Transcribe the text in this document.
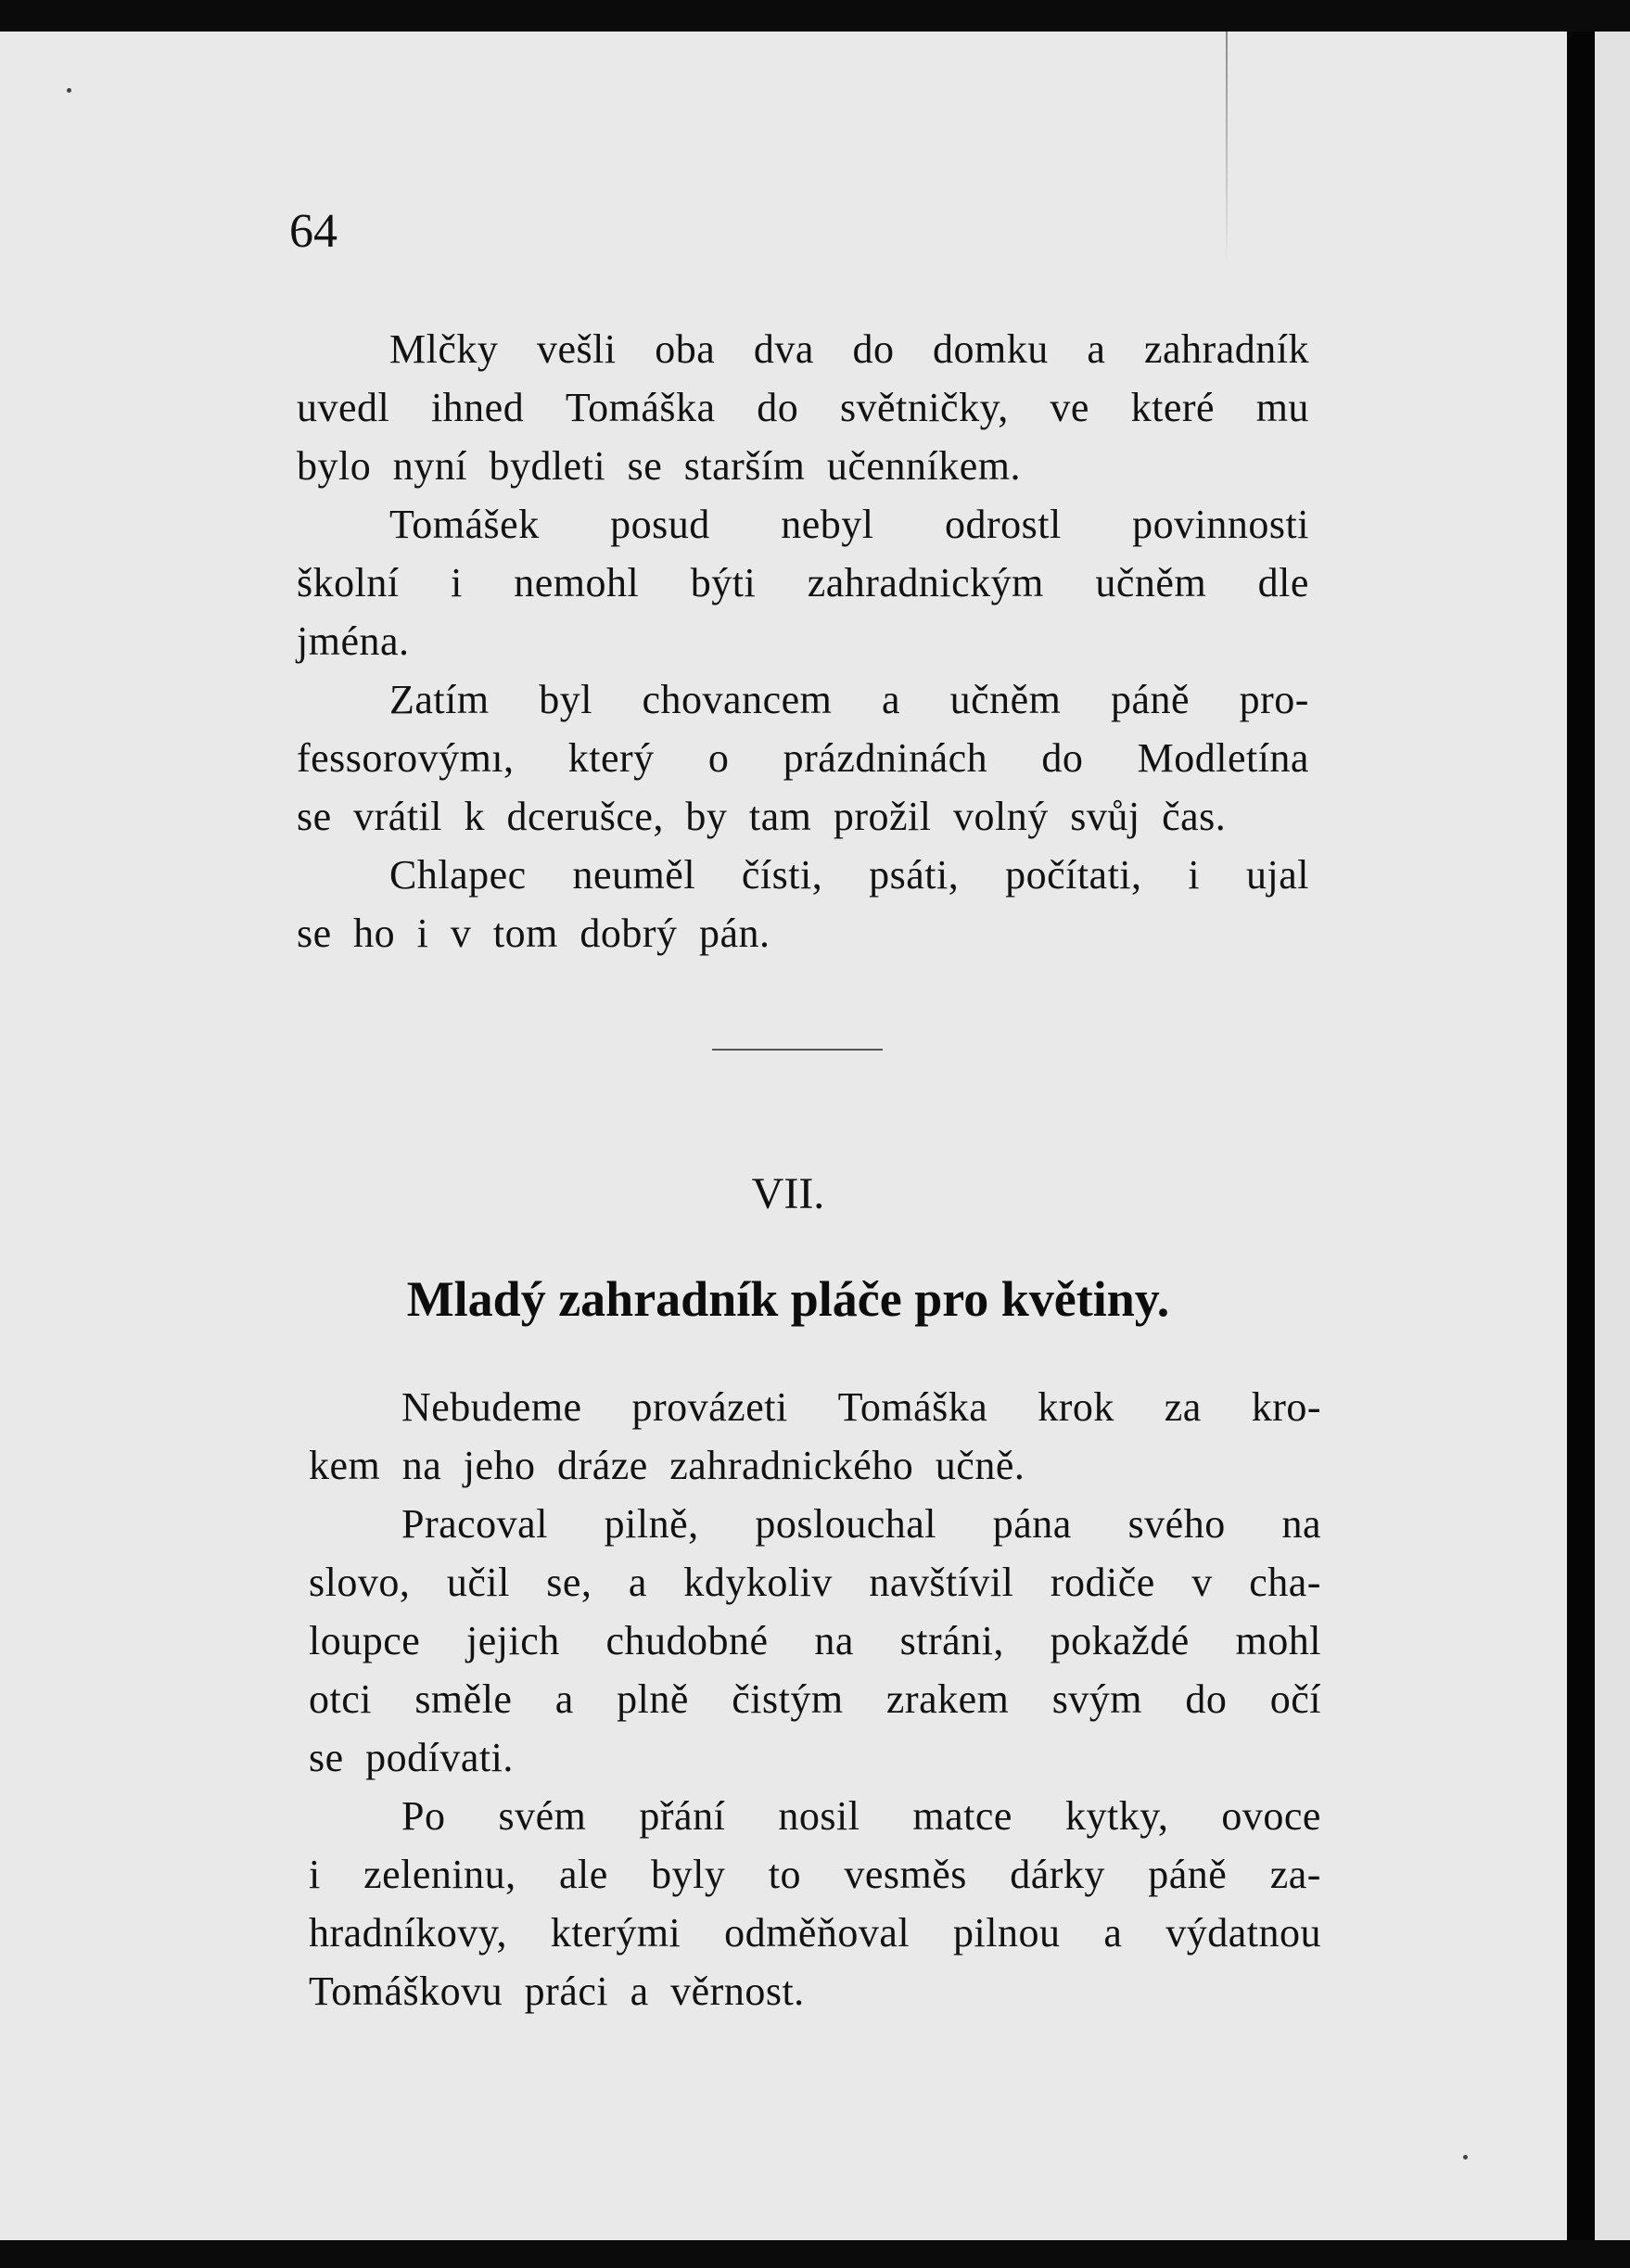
64
Mlčky vešli oba dva do domku a zahradník
uvedl ihned Tomáška do světničky, ve které mu
bylo nyní bydleti se starším učenníkem.
Tomášek posud nebyl odrostl povinnosti
školní i nemohl býti zahradnickým učněm dle
jména.
Zatím byl chovancem a učněm páně pro-
fessorovýmı, který o prázdninách do Modletína
se vrátil k dcerušce, by tam prožil volný svůj čas.
Chlapec neuměl čísti, psáti, počítati, i ujal
se ho i v tom dobrý pán.
VII.
Mladý zahradník pláče pro květiny.
Nebudeme provázeti Tomáška krok za kro-
kem na jeho dráze zahradnického učně.
Pracoval pilně, poslouchal pána svého na
slovo, učil se, a kdykoliv navštívil rodiče v cha-
loupce jejich chudobné na stráni, pokaždé mohl
otci směle a plně čistým zrakem svým do očí
se podívati.
Po svém přání nosil matce kytky, ovoce
i zeleninu, ale byly to vesměs dárky páně za-
hradníkovy, kterými odměňoval pilnou a výdatnou
Tomáškovu práci a věrnost.
